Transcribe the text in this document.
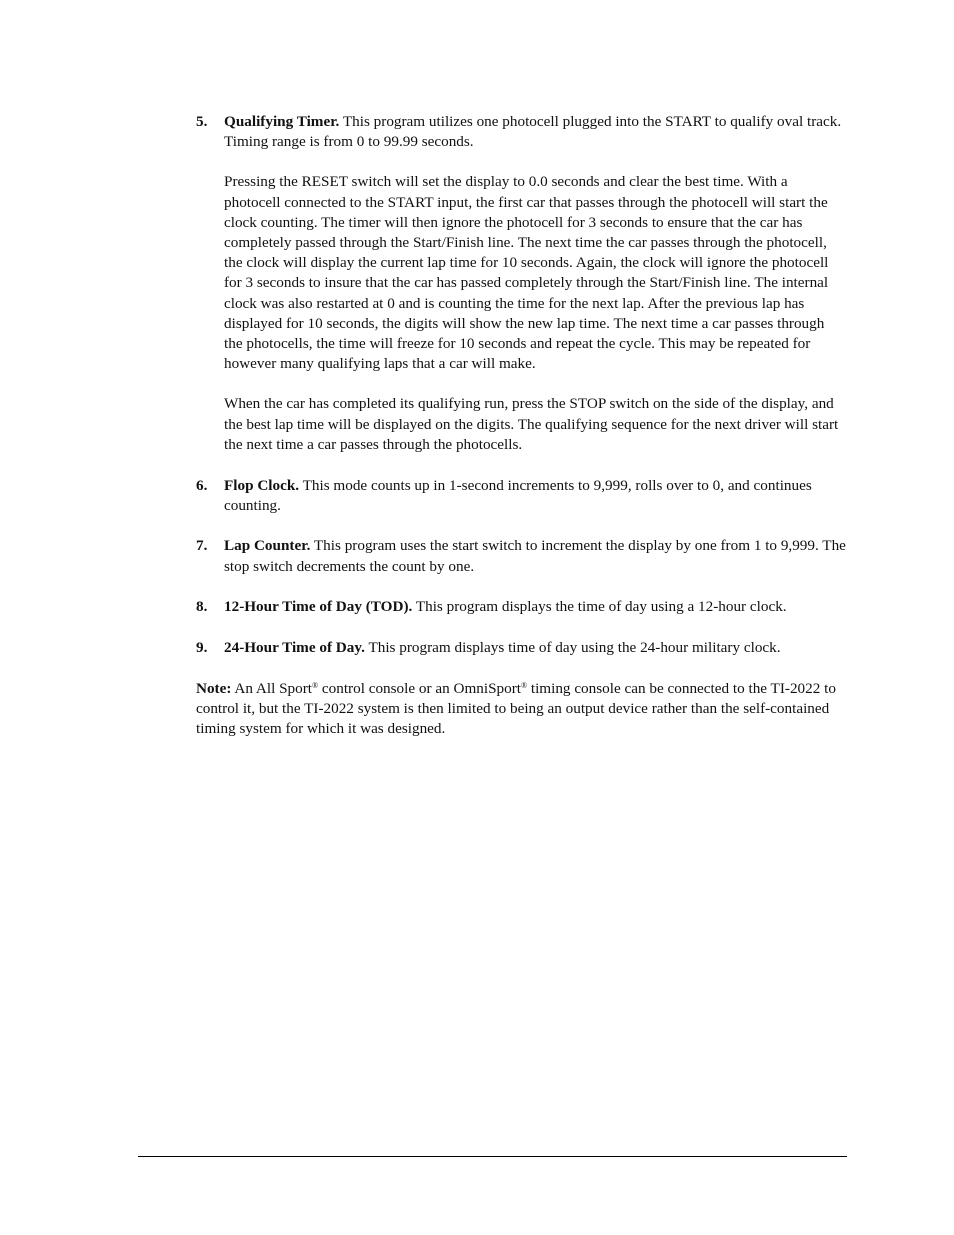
5. Qualifying Timer. This program utilizes one photocell plugged into the START to qualify oval track. Timing range is from 0 to 99.99 seconds.

Pressing the RESET switch will set the display to 0.0 seconds and clear the best time. With a photocell connected to the START input, the first car that passes through the photocell will start the clock counting. The timer will then ignore the photocell for 3 seconds to ensure that the car has completely passed through the Start/Finish line. The next time the car passes through the photocell, the clock will display the current lap time for 10 seconds. Again, the clock will ignore the photocell for 3 seconds to insure that the car has passed completely through the Start/Finish line. The internal clock was also restarted at 0 and is counting the time for the next lap. After the previous lap has displayed for 10 seconds, the digits will show the new lap time. The next time a car passes through the photocells, the time will freeze for 10 seconds and repeat the cycle. This may be repeated for however many qualifying laps that a car will make.

When the car has completed its qualifying run, press the STOP switch on the side of the display, and the best lap time will be displayed on the digits. The qualifying sequence for the next driver will start the next time a car passes through the photocells.

6. Flop Clock. This mode counts up in 1-second increments to 9,999, rolls over to 0, and continues counting.

7. Lap Counter. This program uses the start switch to increment the display by one from 1 to 9,999. The stop switch decrements the count by one.

8. 12-Hour Time of Day (TOD). This program displays the time of day using a 12-hour clock.

9. 24-Hour Time of Day. This program displays time of day using the 24-hour military clock.

Note: An All Sport® control console or an OmniSport® timing console can be connected to the TI-2022 to control it, but the TI-2022 system is then limited to being an output device rather than the self-contained timing system for which it was designed.
